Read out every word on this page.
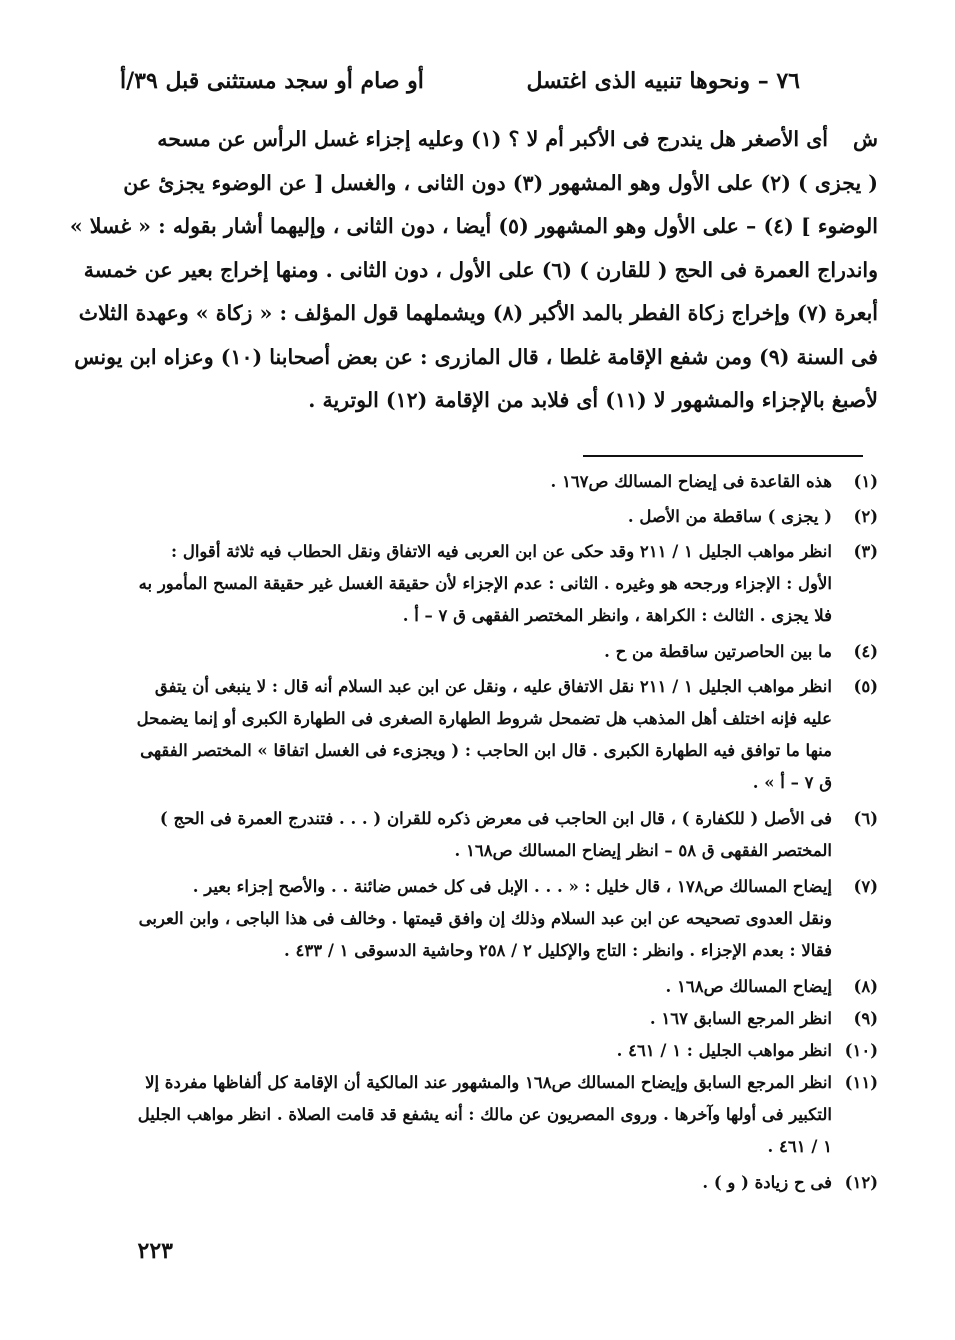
٧٦ – ونحوها تنبيه الذى اغتسل
أو صام أو سجد مستثنى قبل ٣٩/أ
ش
أى الأصغر هل يندرج فى الأكبر أم لا ؟ (١) وعليه إجزاء غسل الرأس عن مسحه
( يجزى ) (٢) على الأول وهو المشهور (٣) دون الثانى ، والغسل [ عن الوضوء يجزئ عن
الوضوء ] (٤) – على الأول وهو المشهور (٥) أيضا ، دون الثانى ، وإليهما أشار بقوله : « غسلا »
واندراج العمرة فى الحج ( للقارن ) (٦) على الأول ، دون الثانى . ومنها إخراج بعير عن خمسة
أبعرة (٧) وإخراج زكاة الفطر بالمد الأكبر (٨) ويشملهما قول المؤلف : « زكاة » وعهدة الثلاث
فى السنة (٩) ومن شفع الإقامة غلطا ، قال المازرى : عن بعض أصحابنا (١٠) وعزاه ابن يونس
لأصبغ بالإجزاء والمشهور لا (١١) أى فلابد من الإقامة (١٢) الوترية .
(١)
هذه القاعدة فى إيضاح المسالك ص١٦٧ .
(٢)
( يجزى ) ساقطة من الأصل .
(٣)
انظر مواهب الجليل ١ / ٢١١ وقد حكى عن ابن العربى فيه الاتفاق ونقل الحطاب فيه ثلاثة أقوال :
الأول : الإجزاء ورجحه هو وغيره . الثانى : عدم الإجزاء لأن حقيقة الغسل غير حقيقة المسح المأمور به
فلا يجزى . الثالث : الكراهة ، وانظر المختصر الفقهى ق ٧ – أ .
(٤)
ما بين الحاصرتين ساقطة من ح .
(٥)
انظر مواهب الجليل ١ / ٢١١ نقل الاتفاق عليه ، ونقل عن ابن عبد السلام أنه قال : لا ينبغى أن يتفق
عليه فإنه اختلف أهل المذهب هل تضمحل شروط الطهارة الصغرى فى الطهارة الكبرى أو إنما يضمحل
منها ما توافق فيه الطهارة الكبرى . قال ابن الحاجب : ( ويجزىء فى الغسل اتفاقا » المختصر الفقهى
ق ٧ – أ » .
(٦)
فى الأصل ( للكفارة ) ، قال ابن الحاجب فى معرض ذكره للقران ( . . . فتندرج العمرة فى الحج )
المختصر الفقهى ق ٥٨ – انظر إيضاح المسالك ص١٦٨ .
(٧)
إيضاح المسالك ص١٧٨ ، قال خليل : « . . . الإبل فى كل خمس ضائنة . . والأصح إجزاء بعير .
ونقل العدوى تصحيحه عن ابن عبد السلام وذلك إن وافق قيمتها . وخالف فى هذا الباجى ، وابن العربى
فقالا : بعدم الإجزاء . وانظر : التاج والإكليل ٢ / ٢٥٨ وحاشية الدسوقى ١ / ٤٣٣ .
(٨)
إيضاح المسالك ص١٦٨ .
(٩)
انظر المرجع السابق ١٦٧ .
(١٠)
انظر مواهب الجليل : ١ / ٤٦١ .
(١١)
انظر المرجع السابق وإيضاح المسالك ص١٦٨ والمشهور عند المالكية أن الإقامة كل ألفاظها مفردة إلا
التكبير فى أولها وآخرها . وروى المصريون عن مالك : أنه يشفع قد قامت الصلاة . انظر مواهب الجليل
١ / ٤٦١ .
(١٢)
فى ح زيادة ( و ) .
٢٢٣
